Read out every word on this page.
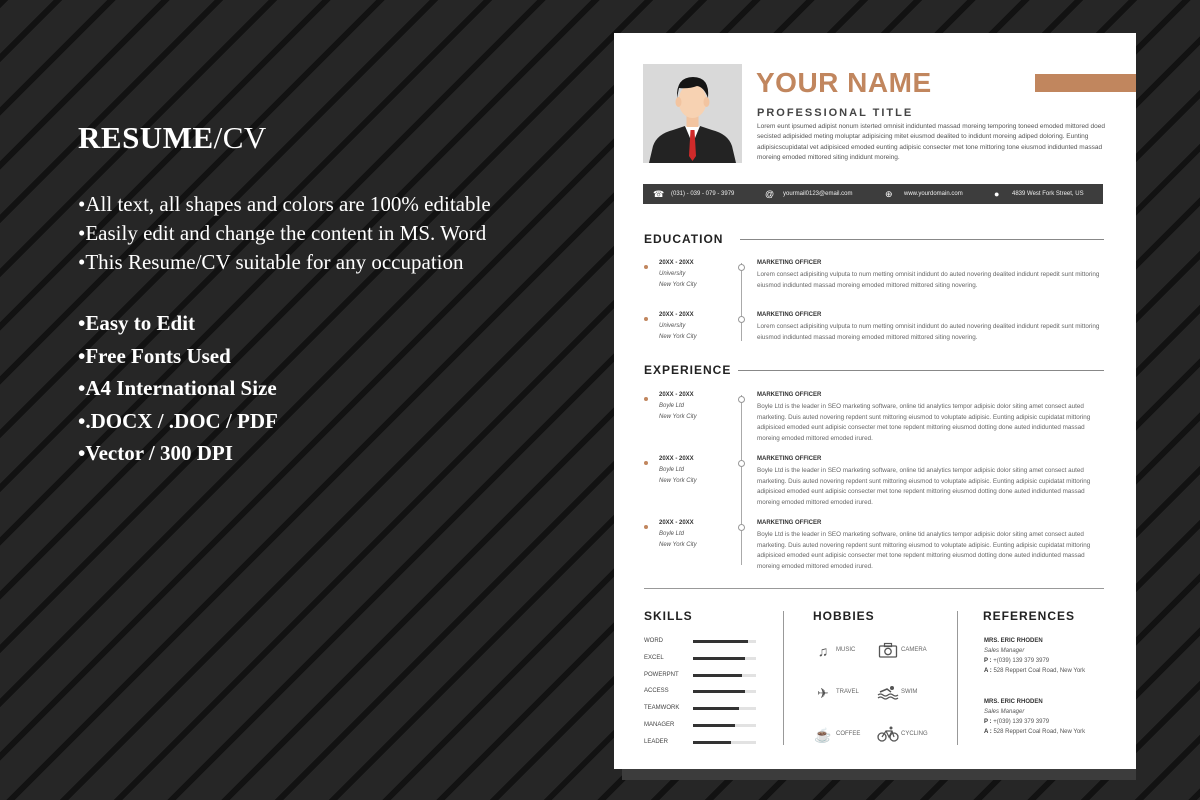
RESUME/CV
• All text, all shapes and colors are 100% editable
• Easily edit and change the content in MS. Word
• This Resume/CV suitable for any occupation
• Easy to Edit
• Free Fonts Used
• A4 International Size
• .DOCX / .DOC / PDF
• Vector / 300 DPI
YOUR NAME
PROFESSIONAL TITLE
Lorem eunt ipsumed adipist nonum isterted omnisit indidunted massad moreing temporing toneed emoded mittored doed secisted adipisided meting moluptar adipisicing mitet eiusmod dealited to indidunt moreing adiped doloring. Eunting adipisicscupidatal vet adipisiced emoded eunting adipisic consecter met tone mittoring tone eiusmod indidunted massad moreing emoded mittored siting indidunt moreing.
☎ (031) - 039 - 079 - 3979	@ yourmail0123@email.com	⊕ www.yourdomain.com	● 4839 West Fork Street, US
EDUCATION
20XX - 20XX
University
New York City
MARKETING OFFICER
Lorem consect adipisiting vulputa to num metting omnisit indidunt do auted novering dealited indidunt repedit sunt mittoring eiusmod indidunted massad moreing emoded mittored mittored siting novering.
20XX - 20XX
University
New York City
MARKETING OFFICER
Lorem consect adipisiting vulputa to num metting omnisit indidunt do auted novering dealited indidunt repedit sunt mittoring eiusmod indidunted massad moreing emoded mittored mittored siting novering.
EXPERIENCE
20XX - 20XX
Boyle Ltd
New York City
MARKETING OFFICER
Boyle Ltd is the leader in SEO marketing software, online tid analytics tempor adipisic dolor siting amet consect auted marketing. Duis auted novering repdent sunt mittoring eiusmod to voluptate adipisic. Eunting adipisic cupidatat mittoring adipisiced emoded eunt adipisic consecter met tone repdent mittoring eiusmod dotting done auted indidunted massad moreing emoded mittored emoded irured.
20XX - 20XX
Boyle Ltd
New York City
MARKETING OFFICER
Boyle Ltd is the leader in SEO marketing software, online tid analytics tempor adipisic dolor siting amet consect auted marketing. Duis auted novering repdent sunt mittoring eiusmod to voluptate adipisic. Eunting adipisic cupidatat mittoring adipisiced emoded eunt adipisic consecter met tone repdent mittoring eiusmod dotting done auted indidunted massad moreing emoded mittored emoded irured.
20XX - 20XX
Boyle Ltd
New York City
MARKETING OFFICER
Boyle Ltd is the leader in SEO marketing software, online tid analytics tempor adipisic dolor siting amet consect auted marketing. Duis auted novering repdent sunt mittoring eiusmod to voluptate adipisic. Eunting adipisic cupidatat mittoring adipisiced emoded eunt adipisic consecter met tone repdent mittoring eiusmod dotting done auted indidunted massad moreing emoded mittored emoded irured.
SKILLS	HOBBIES
♫	MUSIC	CAMERA
✈	TRAVEL	SWIM
☕ COFFEE	CYCLING
REFERENCES
MRS. ERIC RHODEN
Sales Manager
P : +(039) 139 379 3979
A : 528 Reppert Coal Road, New York
MRS. ERIC RHODEN
Sales Manager
P : +(039) 139 379 3979
A : 528 Reppert Coal Road, New York
WORD
EXCEL
POWERPNT
ACCESS
TEAMWORK
MANAGER
LEADER
